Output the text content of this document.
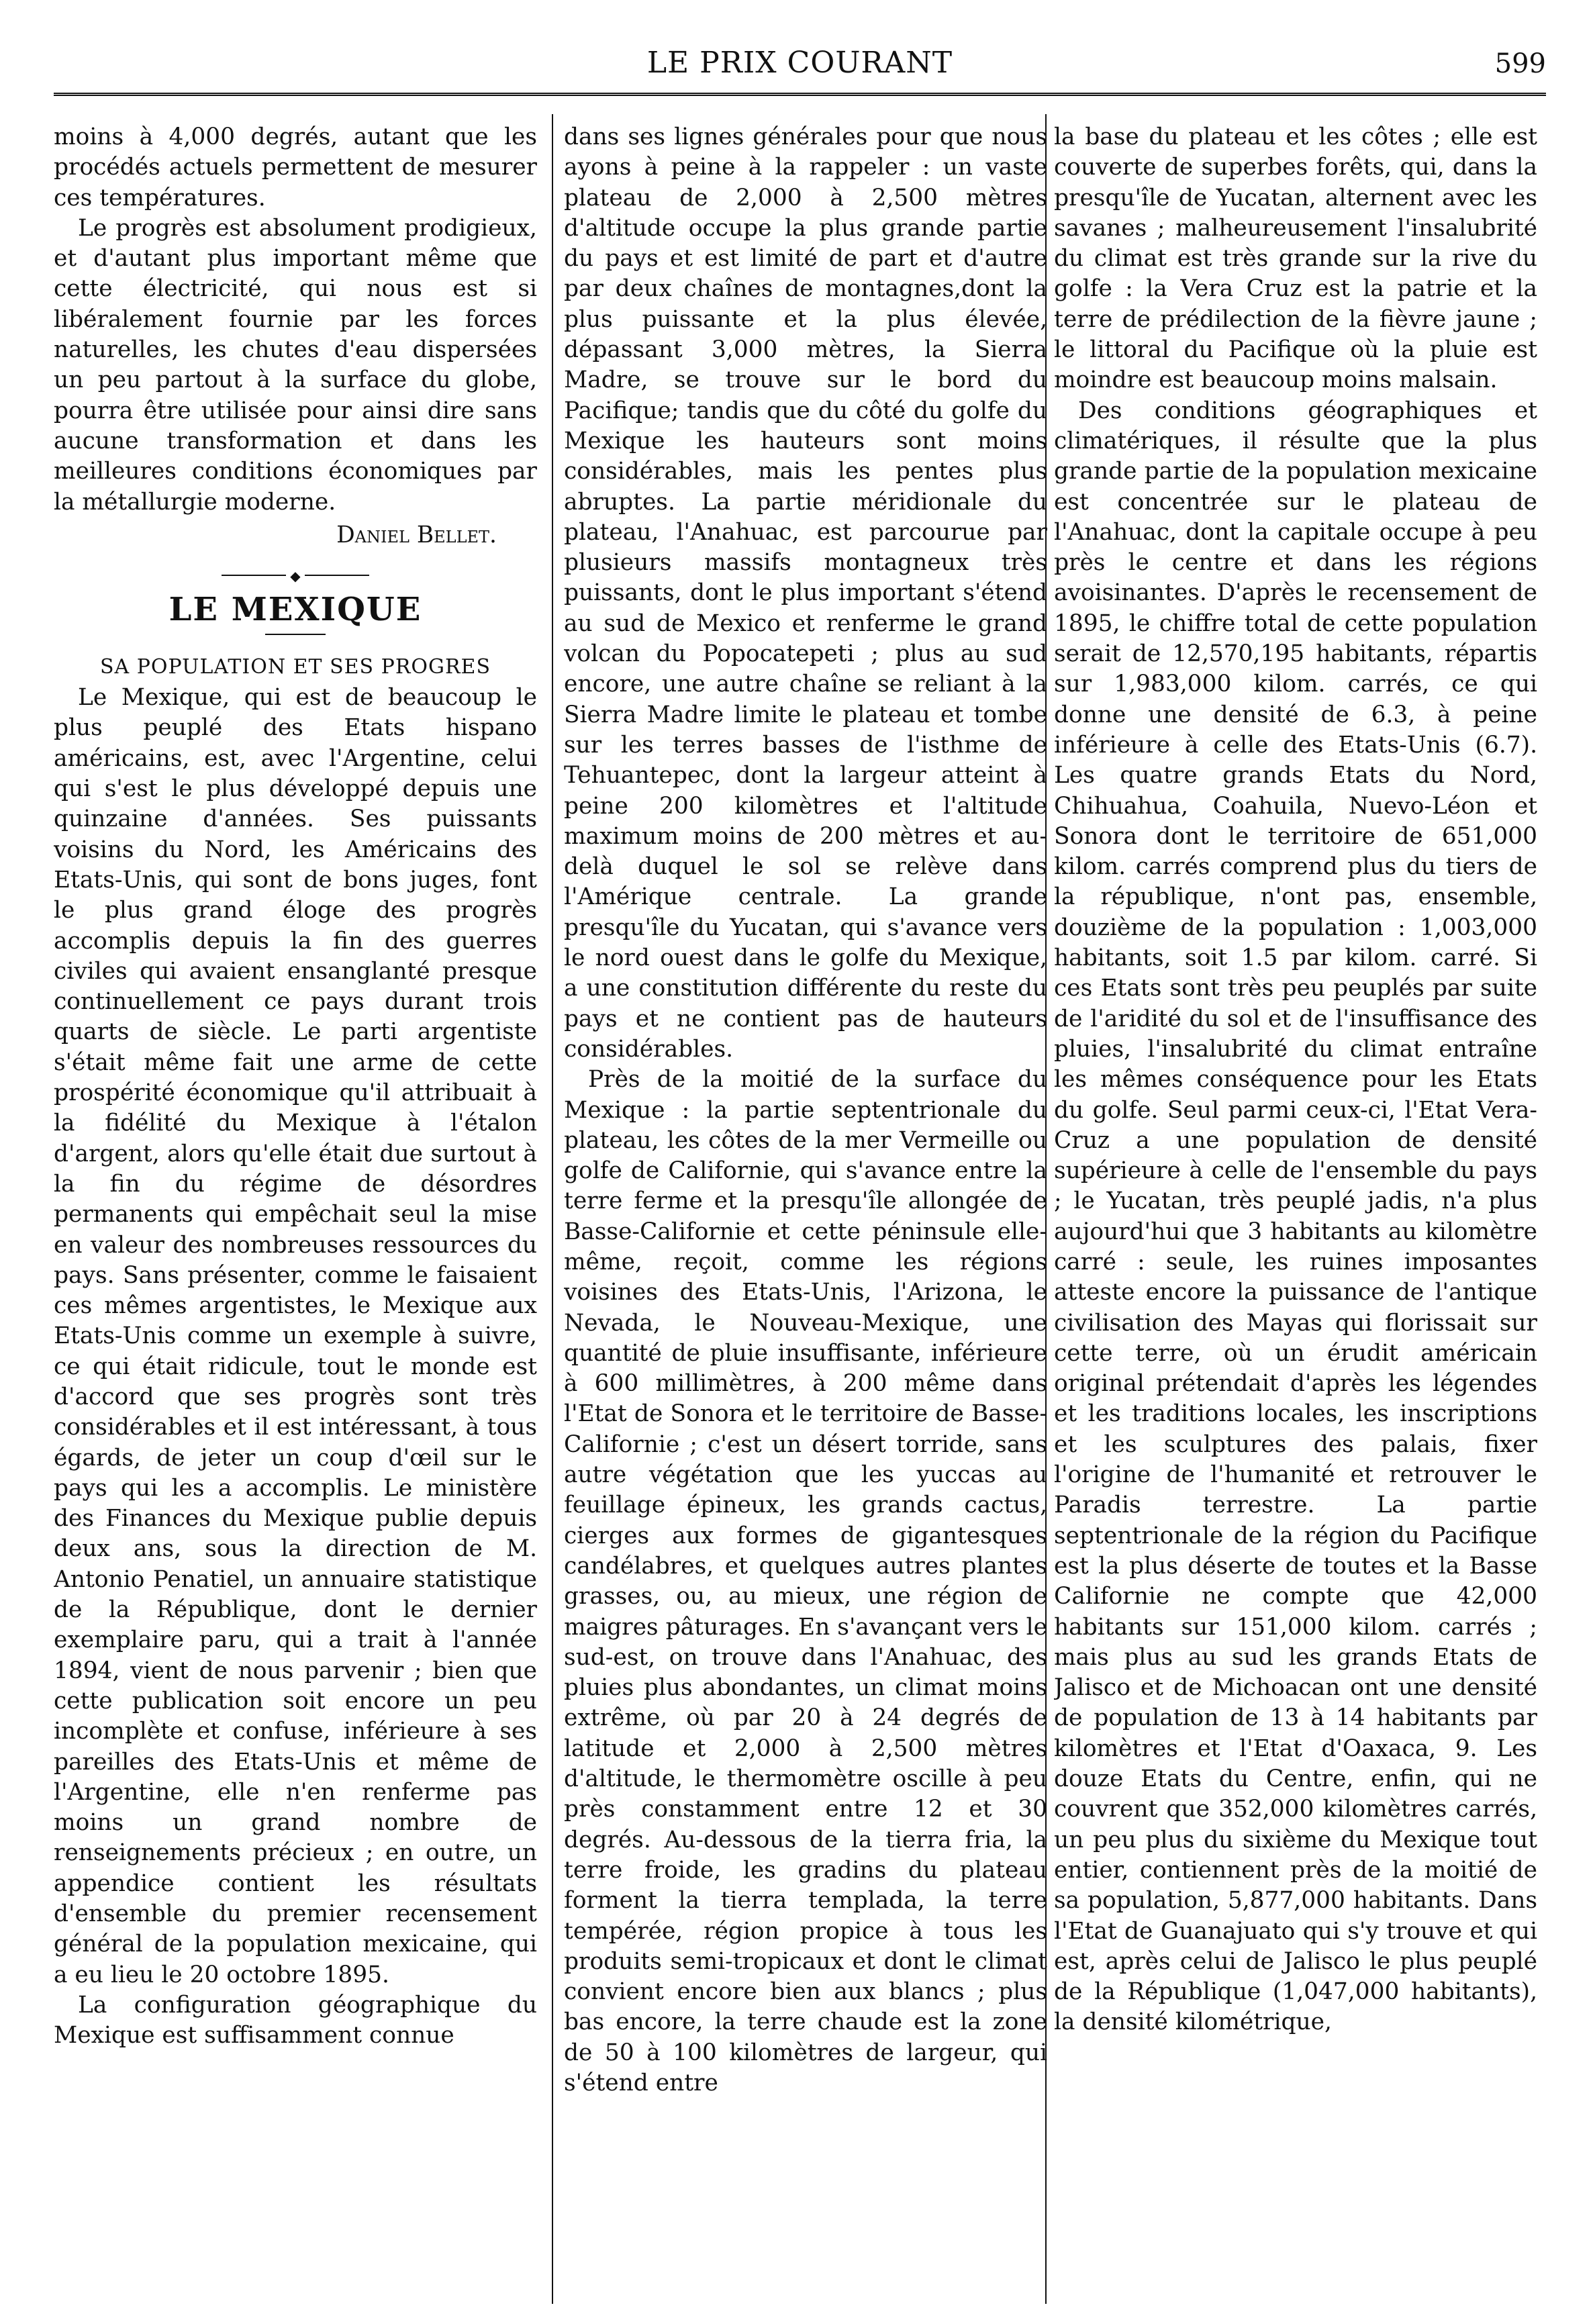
LE PRIX COURANT	599

moins à 4,000 degrés, autant que les procédés actuels permettent de mesurer ces températures.

Le progrès est absolument prodigieux, et d'autant plus important même que cette électricité, qui nous est si libéralement fournie par les forces naturelles, les chutes d'eau dispersées un peu partout à la surface du globe, pourra être utilisée pour ainsi dire sans aucune transformation et dans les meilleures conditions économiques par la métallurgie moderne.

Daniel Bellet.

◆
LE MEXIQUE
SA POPULATION ET SES PROGRES

Le Mexique, qui est de beaucoup le plus peuplé des Etats hispano américains, est, avec l'Argentine, celui qui s'est le plus développé depuis une quinzaine d'années. Ses puissants voisins du Nord, les Américains des Etats-Unis, qui sont de bons juges, font le plus grand éloge des progrès accomplis depuis la fin des guerres civiles qui avaient ensanglanté presque continuellement ce pays durant trois quarts de siècle. Le parti argentiste s'était même fait une arme de cette prospérité économique qu'il attribuait à la fidélité du Mexique à l'étalon d'argent, alors qu'elle était due surtout à la fin du régime de désordres permanents qui empêchait seul la mise en valeur des nombreuses ressources du pays. Sans présenter, comme le faisaient ces mêmes argentistes, le Mexique aux Etats-Unis comme un exemple à suivre, ce qui était ridicule, tout le monde est d'accord que ses progrès sont très considérables et il est intéressant, à tous égards, de jeter un coup d'œil sur le pays qui les a accomplis. Le ministère des Finances du Mexique publie depuis deux ans, sous la direction de M. Antonio Penatiel, un annuaire statistique de la République, dont le dernier exemplaire paru, qui a trait à l'année 1894, vient de nous parvenir ; bien que cette publication soit encore un peu incomplète et confuse, inférieure à ses pareilles des Etats-Unis et même de l'Argentine, elle n'en renferme pas moins un grand nombre de renseignements précieux ; en outre, un appendice contient les résultats d'ensemble du premier recensement général de la population mexicaine, qui a eu lieu le 20 octobre 1895.

La configuration géographique du Mexique est suffisamment connue

dans ses lignes générales pour que nous ayons à peine à la rappeler : un vaste plateau de 2,000 à 2,500 mètres d'altitude occupe la plus grande partie du pays et est limité de part et d'autre par deux chaînes de montagnes,dont la plus puissante et la plus élevée, dépassant 3,000 mètres, la Sierra Madre, se trouve sur le bord du Pacifique; tandis que du côté du golfe du Mexique les hauteurs sont moins considérables, mais les pentes plus abruptes. La partie méridionale du plateau, l'Anahuac, est parcourue par plusieurs massifs montagneux très puissants, dont le plus important s'étend au sud de Mexico et renferme le grand volcan du Popocatepeti ; plus au sud encore, une autre chaîne se reliant à la Sierra Madre limite le plateau et tombe sur les terres basses de l'isthme de Tehuantepec, dont la largeur atteint à peine 200 kilomètres et l'altitude maximum moins de 200 mètres et au-delà duquel le sol se relève dans l'Amérique centrale. La grande presqu'île du Yucatan, qui s'avance vers le nord ouest dans le golfe du Mexique, a une constitution différente du reste du pays et ne contient pas de hauteurs considérables.

Près de la moitié de la surface du Mexique : la partie septentrionale du plateau, les côtes de la mer Vermeille ou golfe de Californie, qui s'avance entre la terre ferme et la presqu'île allongée de Basse-Californie et cette péninsule elle-même, reçoit, comme les régions voisines des Etats-Unis, l'Arizona, le Nevada, le Nouveau-Mexique, une quantité de pluie insuffisante, inférieure à 600 millimètres, à 200 même dans l'Etat de Sonora et le territoire de Basse-Californie ; c'est un désert torride, sans autre végétation que les yuccas au feuillage épineux, les grands cactus, cierges aux formes de gigantesques candélabres, et quelques autres plantes grasses, ou, au mieux, une région de maigres pâturages. En s'avançant vers le sud-est, on trouve dans l'Anahuac, des pluies plus abondantes, un climat moins extrême, où par 20 à 24 degrés de latitude et 2,000 à 2,500 mètres d'altitude, le thermomètre oscille à peu près constamment entre 12 et 30 degrés. Au-dessous de la tierra fria, la terre froide, les gradins du plateau forment la tierra templada, la terre tempérée, région propice à tous les produits semi-tropicaux et dont le climat convient encore bien aux blancs ; plus bas encore, la terre chaude est la zone de 50 à 100 kilomètres de largeur, qui s'étend entre

la base du plateau et les côtes ; elle est couverte de superbes forêts, qui, dans la presqu'île de Yucatan, alternent avec les savanes ; malheureusement l'insalubrité du climat est très grande sur la rive du golfe : la Vera Cruz est la patrie et la terre de prédilection de la fièvre jaune ; le littoral du Pacifique où la pluie est moindre est beaucoup moins malsain.

Des conditions géographiques et climatériques, il résulte que la plus grande partie de la population mexicaine est concentrée sur le plateau de l'Anahuac, dont la capitale occupe à peu près le centre et dans les régions avoisinantes. D'après le recensement de 1895, le chiffre total de cette population serait de 12,570,195 habitants, répartis sur 1,983,000 kilom. carrés, ce qui donne une densité de 6.3, à peine inférieure à celle des Etats-Unis (6.7). Les quatre grands Etats du Nord, Chihuahua, Coahuila, Nuevo-Léon et Sonora dont le territoire de 651,000 kilom. carrés comprend plus du tiers de la république, n'ont pas, ensemble, douzième de la population : 1,003,000 habitants, soit 1.5 par kilom. carré. Si ces Etats sont très peu peuplés par suite de l'aridité du sol et de l'insuffisance des pluies, l'insalubrité du climat entraîne les mêmes conséquence pour les Etats du golfe. Seul parmi ceux-ci, l'Etat Vera-Cruz a une population de densité supérieure à celle de l'ensemble du pays ; le Yucatan, très peuplé jadis, n'a plus aujourd'hui que 3 habitants au kilomètre carré : seule, les ruines imposantes atteste encore la puissance de l'antique civilisation des Mayas qui florissait sur cette terre, où un érudit américain original prétendait d'après les légendes et les traditions locales, les inscriptions et les sculptures des palais, fixer l'origine de l'humanité et retrouver le Paradis terrestre. La partie septentrionale de la région du Pacifique est la plus déserte de toutes et la Basse Californie ne compte que 42,000 habitants sur 151,000 kilom. carrés ; mais plus au sud les grands Etats de Jalisco et de Michoacan ont une densité de population de 13 à 14 habitants par kilomètres et l'Etat d'Oaxaca, 9. Les douze Etats du Centre, enfin, qui ne couvrent que 352,000 kilomètres carrés, un peu plus du sixième du Mexique tout entier, contiennent près de la moitié de sa population, 5,877,000 habitants. Dans l'Etat de Guanajuato qui s'y trouve et qui est, après celui de Jalisco le plus peuplé de la République (1,047,000 habitants), la densité kilométrique,
